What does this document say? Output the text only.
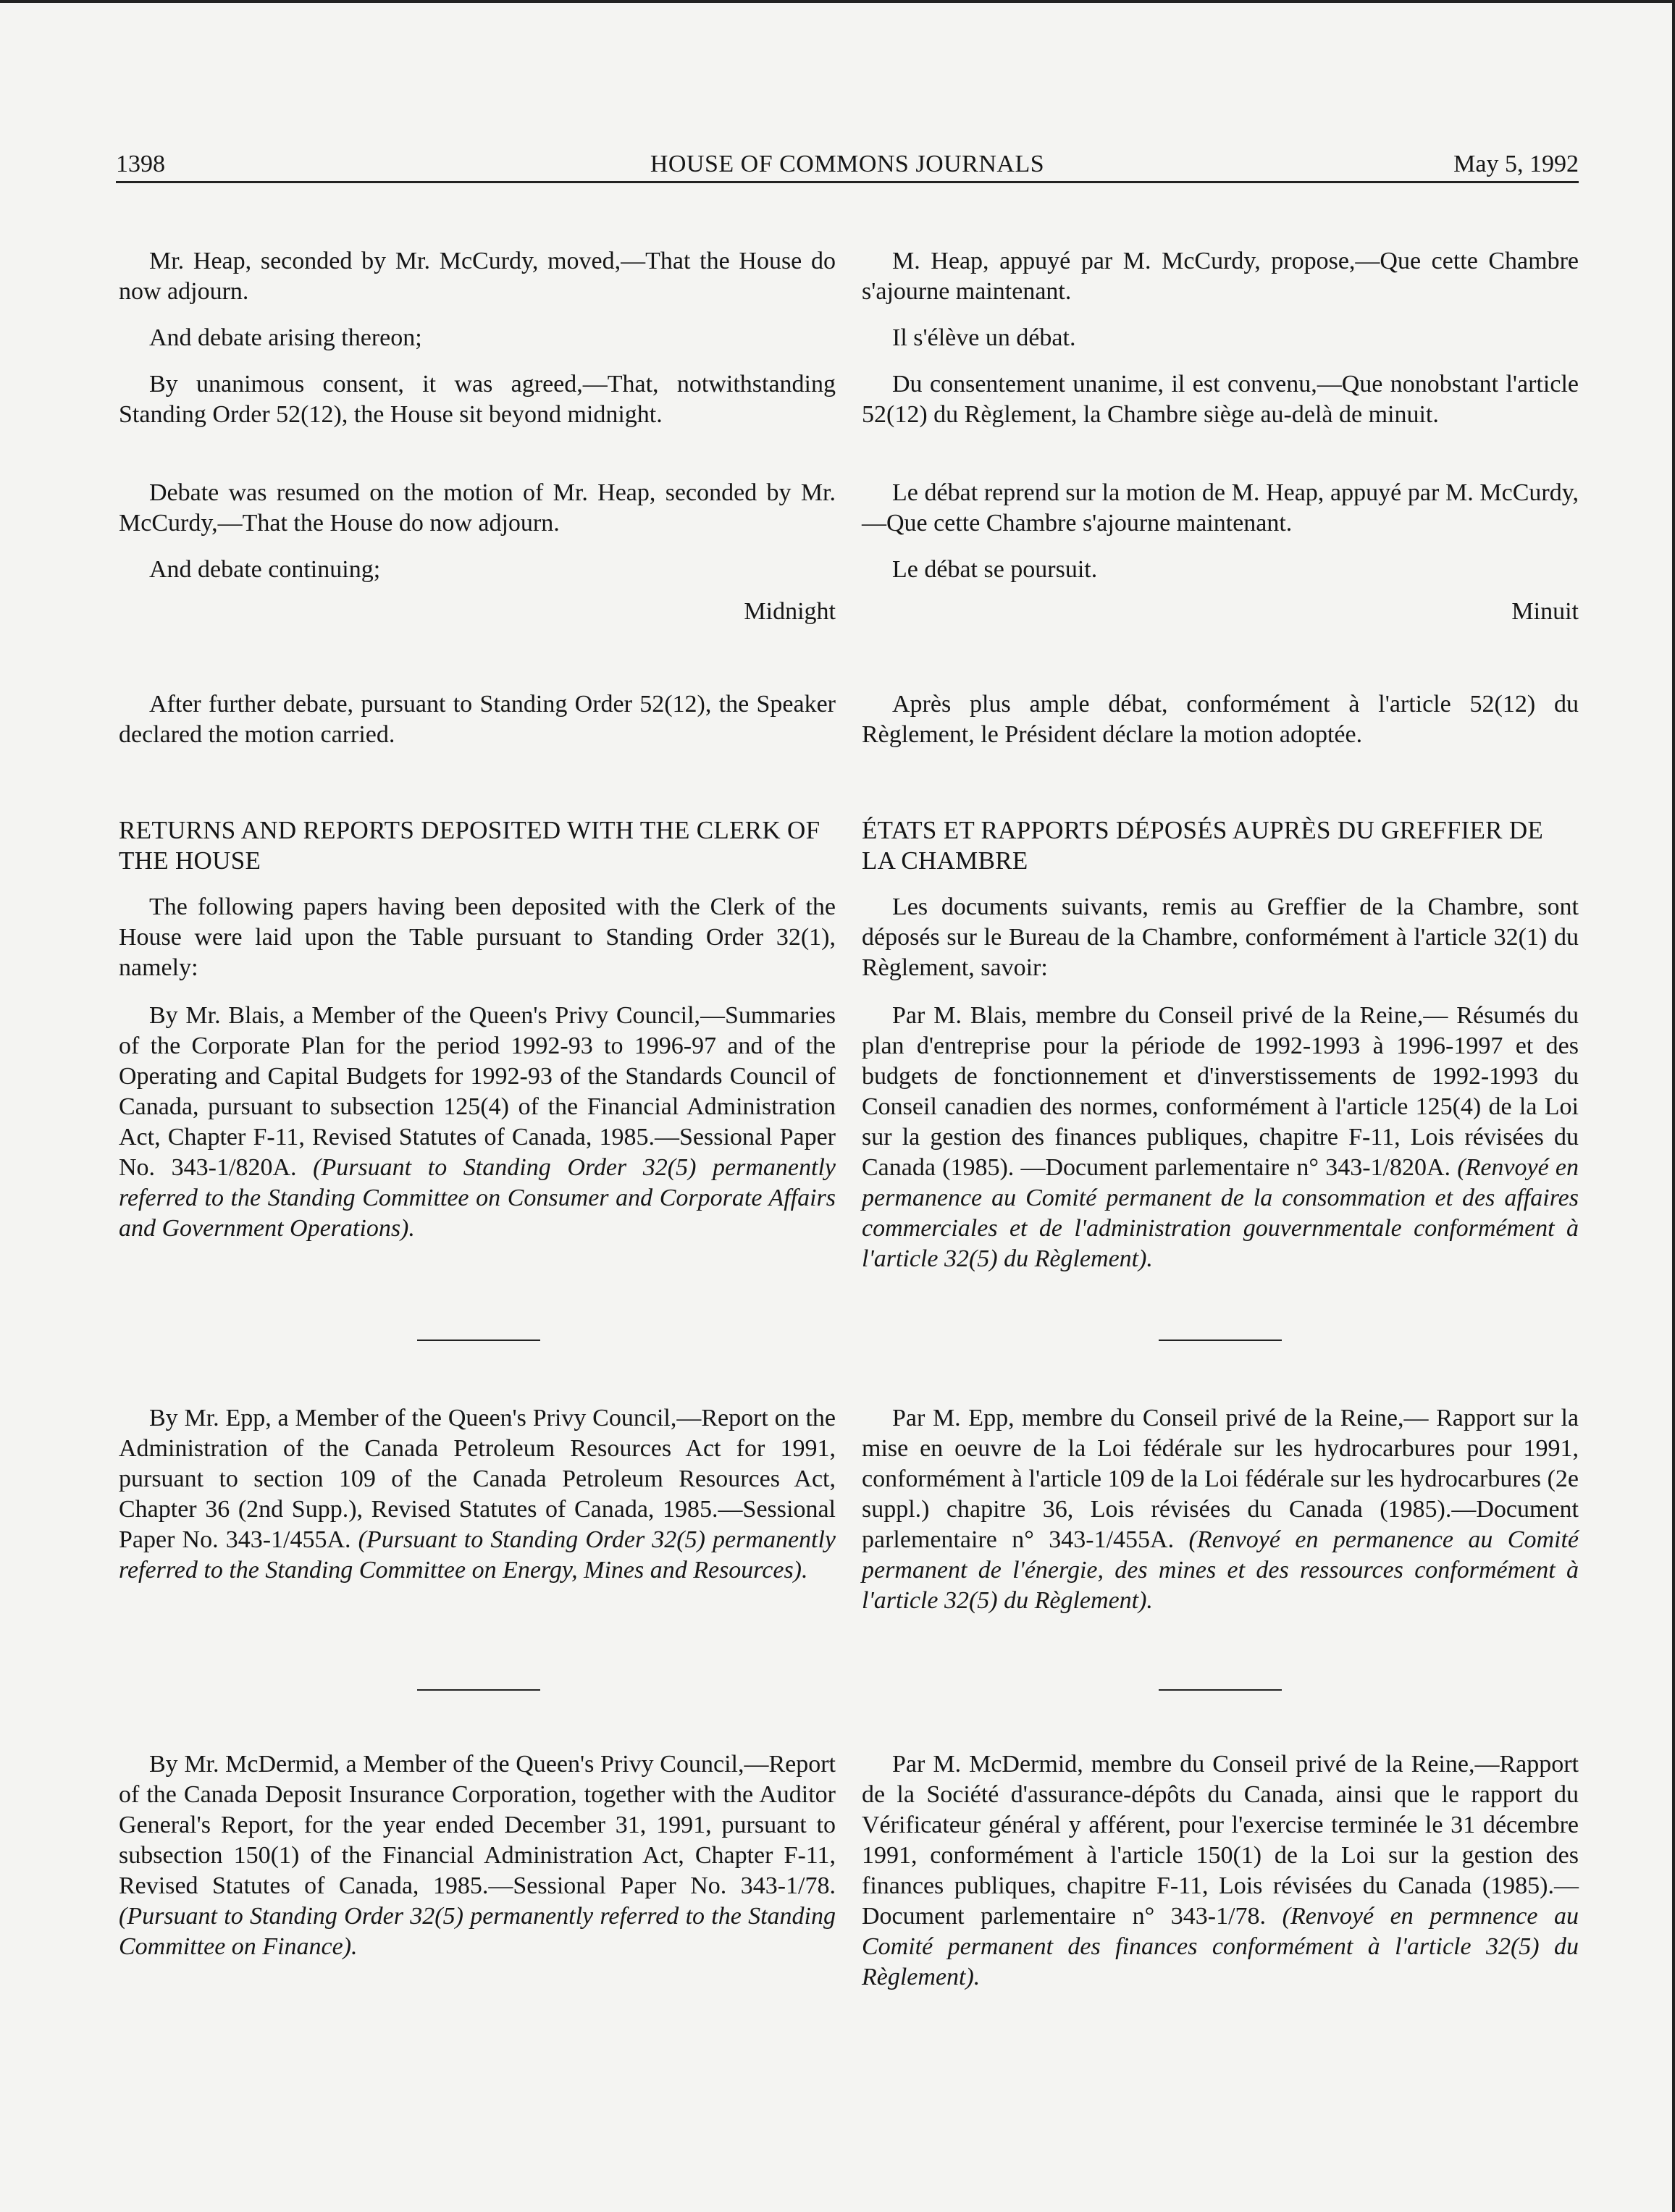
1398	HOUSE OF COMMONS JOURNALS	May 5, 1992
Mr. Heap, seconded by Mr. McCurdy, moved,—That the House do now adjourn.
And debate arising thereon;
By unanimous consent, it was agreed,—That, notwithstanding Standing Order 52(12), the House sit beyond midnight.
Debate was resumed on the motion of Mr. Heap, seconded by Mr. McCurdy,—That the House do now adjourn.
And debate continuing;
Midnight
After further debate, pursuant to Standing Order 52(12), the Speaker declared the motion carried.
RETURNS AND REPORTS DEPOSITED WITH THE CLERK OF THE HOUSE
The following papers having been deposited with the Clerk of the House were laid upon the Table pursuant to Standing Order 32(1), namely:
By Mr. Blais, a Member of the Queen's Privy Council,—Summaries of the Corporate Plan for the period 1992-93 to 1996-97 and of the Operating and Capital Budgets for 1992-93 of the Standards Council of Canada, pursuant to subsection 125(4) of the Financial Administration Act, Chapter F-11, Revised Statutes of Canada, 1985.—Sessional Paper No. 343-1/820A. (Pursuant to Standing Order 32(5) permanently referred to the Standing Committee on Consumer and Corporate Affairs and Government Operations).
By Mr. Epp, a Member of the Queen's Privy Council,—Report on the Administration of the Canada Petroleum Resources Act for 1991, pursuant to section 109 of the Canada Petroleum Resources Act, Chapter 36 (2nd Supp.), Revised Statutes of Canada, 1985.—Sessional Paper No. 343-1/455A. (Pursuant to Standing Order 32(5) permanently referred to the Standing Committee on Energy, Mines and Resources).
By Mr. McDermid, a Member of the Queen's Privy Council,—Report of the Canada Deposit Insurance Corporation, together with the Auditor General's Report, for the year ended December 31, 1991, pursuant to subsection 150(1) of the Financial Administration Act, Chapter F-11, Revised Statutes of Canada, 1985.—Sessional Paper No. 343-1/78. (Pursuant to Standing Order 32(5) permanently referred to the Standing Committee on Finance).
M. Heap, appuyé par M. McCurdy, propose,—Que cette Chambre s'ajourne maintenant.
Il s'élève un débat.
Du consentement unanime, il est convenu,—Que nonobstant l'article 52(12) du Règlement, la Chambre siège au-delà de minuit.
Le débat reprend sur la motion de M. Heap, appuyé par M. McCurdy,—Que cette Chambre s'ajourne maintenant.
Le débat se poursuit.
Minuit
Après plus ample débat, conformément à l'article 52(12) du Règlement, le Président déclare la motion adoptée.
ÉTATS ET RAPPORTS DÉPOSÉS AUPRÈS DU GREFFIER DE LA CHAMBRE
Les documents suivants, remis au Greffier de la Chambre, sont déposés sur le Bureau de la Chambre, conformément à l'article 32(1) du Règlement, savoir:
Par M. Blais, membre du Conseil privé de la Reine,— Résumés du plan d'entreprise pour la période de 1992-1993 à 1996-1997 et des budgets de fonctionnement et d'inverstissements de 1992-1993 du Conseil canadien des normes, conformément à l'article 125(4) de la Loi sur la gestion des finances publiques, chapitre F-11, Lois révisées du Canada (1985). —Document parlementaire n° 343-1/820A. (Renvoyé en permanence au Comité permanent de la consommation et des affaires commerciales et de l'administration gouvernmentale conformément à l'article 32(5) du Règlement).
Par M. Epp, membre du Conseil privé de la Reine,— Rapport sur la mise en oeuvre de la Loi fédérale sur les hydrocarbures pour 1991, conformément à l'article 109 de la Loi fédérale sur les hydrocarbures (2e suppl.) chapitre 36, Lois révisées du Canada (1985).—Document parlementaire n° 343-1/455A. (Renvoyé en permanence au Comité permanent de l'énergie, des mines et des ressources conformément à l'article 32(5) du Règlement).
Par M. McDermid, membre du Conseil privé de la Reine,—Rapport de la Société d'assurance-dépôts du Canada, ainsi que le rapport du Vérificateur général y afférent, pour l'exercise terminée le 31 décembre 1991, conformément à l'article 150(1) de la Loi sur la gestion des finances publiques, chapitre F-11, Lois révisées du Canada (1985).—Document parlementaire n° 343-1/78. (Renvoyé en permnence au Comité permanent des finances conformément à l'article 32(5) du Règlement).
